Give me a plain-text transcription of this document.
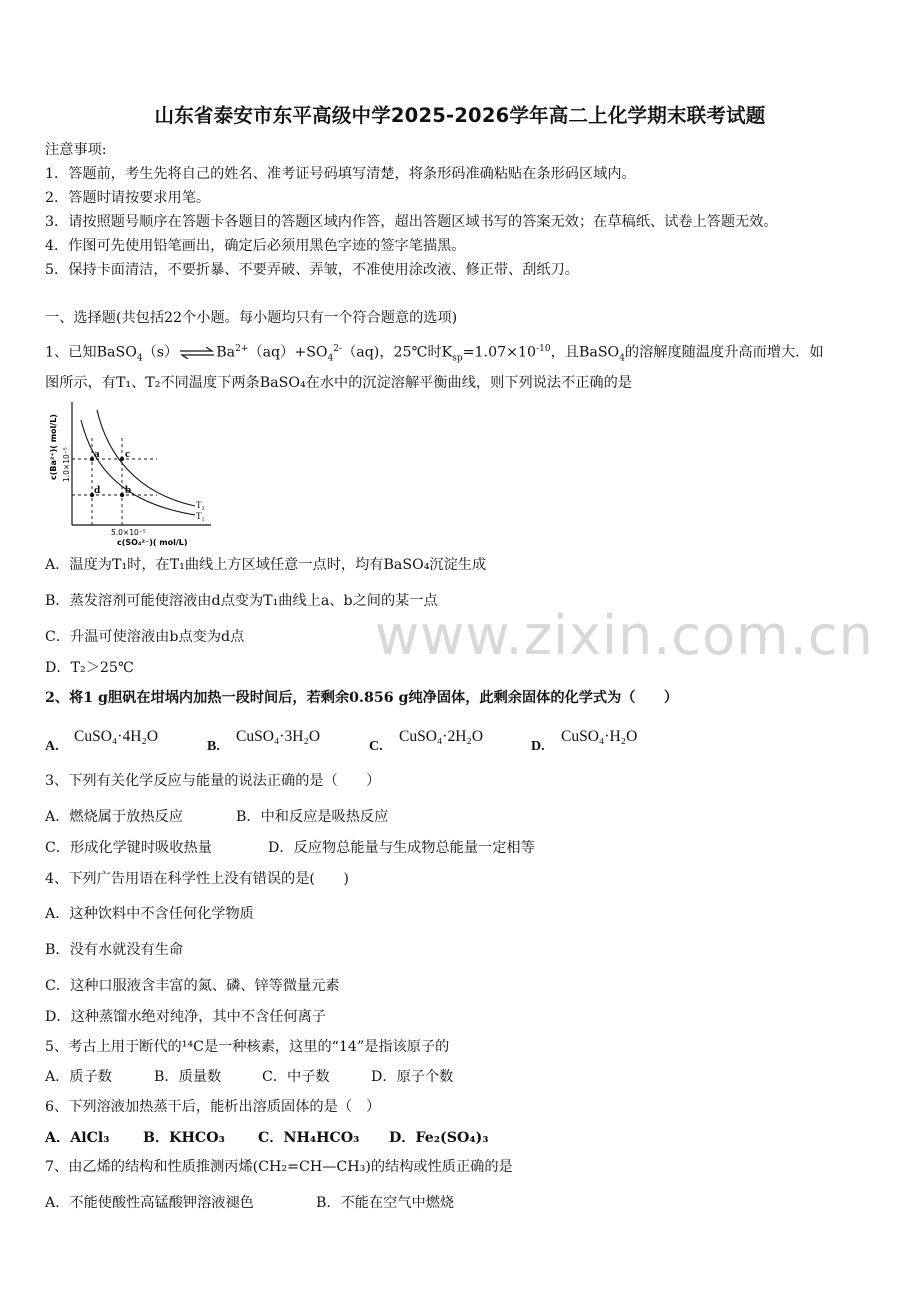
山东省泰安市东平高级中学2025-2026学年高二上化学期末联考试题
注意事项:
1．答题前，考生先将自己的姓名、准考证号码填写清楚，将条形码准确粘贴在条形码区域内。
2．答题时请按要求用笔。
3．请按照题号顺序在答题卡各题目的答题区域内作答，超出答题区域书写的答案无效；在草稿纸、试卷上答题无效。
4．作图可先使用铅笔画出，确定后必须用黑色字迹的签字笔描黑。
5．保持卡面清洁，不要折暴、不要弄破、弄皱，不准使用涂改液、修正带、刮纸刀。
一、选择题(共包括22个小题。每小题均只有一个符合题意的选项)
1、已知$BaSO_4(s)\rightleftharpoons Ba^{2+}(aq)+SO_4^{2-}(aq)$，25℃时$K_{sp}=1.07\times 10^{-10}$，且BaSO$_4$的溶解度随温度升高而增大．如
图所示，有T₁、T₂不同温度下两条BaSO₄在水中的沉淀溶解平衡曲线，则下列说法不正确的是
a c
d b
T₂
T₁
c(Ba²⁺)( mol/L) 1.0×10⁻⁵
5.0×10⁻⁵
c(SO₄²⁻)( mol/L)
A．温度为T₁时，在T₁曲线上方区域任意一点时，均有BaSO₄沉淀生成
B．蒸发溶剂可能使溶液由d点变为T₁曲线上a、b之间的某一点
C．升温可使溶液由b点变为d点
D．T₂＞25℃
www.zixin.com.cn
2、将1 g胆矾在坩埚内加热一段时间后，若剩余0.856 g纯净固体，此剩余固体的化学式为（　　）
A.
CuSO₄·4H₂O
B.
CuSO₄·3H₂O
C.
CuSO₄·2H₂O
D.
CuSO₄·H₂O
3、下列有关化学反应与能量的说法正确的是（　　）
A．燃烧属于放热反应	B．中和反应是吸热反应
C．形成化学键时吸收热量	D．反应物总能量与生成物总能量一定相等
4、下列广告用语在科学性上没有错误的是(　　)
A．这种饮料中不含任何化学物质
B．没有水就没有生命
C．这种口服液含丰富的氮、磷、锌等微量元素
D．这种蒸馏水绝对纯净，其中不含任何离子
5、考古上用于断代的¹⁴C是一种核素，这里的“14”是指该原子的
A．质子数	B．质量数	C．中子数	D．原子个数
6、下列溶液加热蒸干后，能析出溶质固体的是（　）
A．AlCl₃ B．KHCO₃ C．NH₄HCO₃ D．Fe₂(SO₄)₃
7、由乙烯的结构和性质推测丙烯(CH₂=CH—CH₃)的结构或性质正确的是
A．不能使酸性高锰酸钾溶液褪色	B．不能在空气中燃烧
